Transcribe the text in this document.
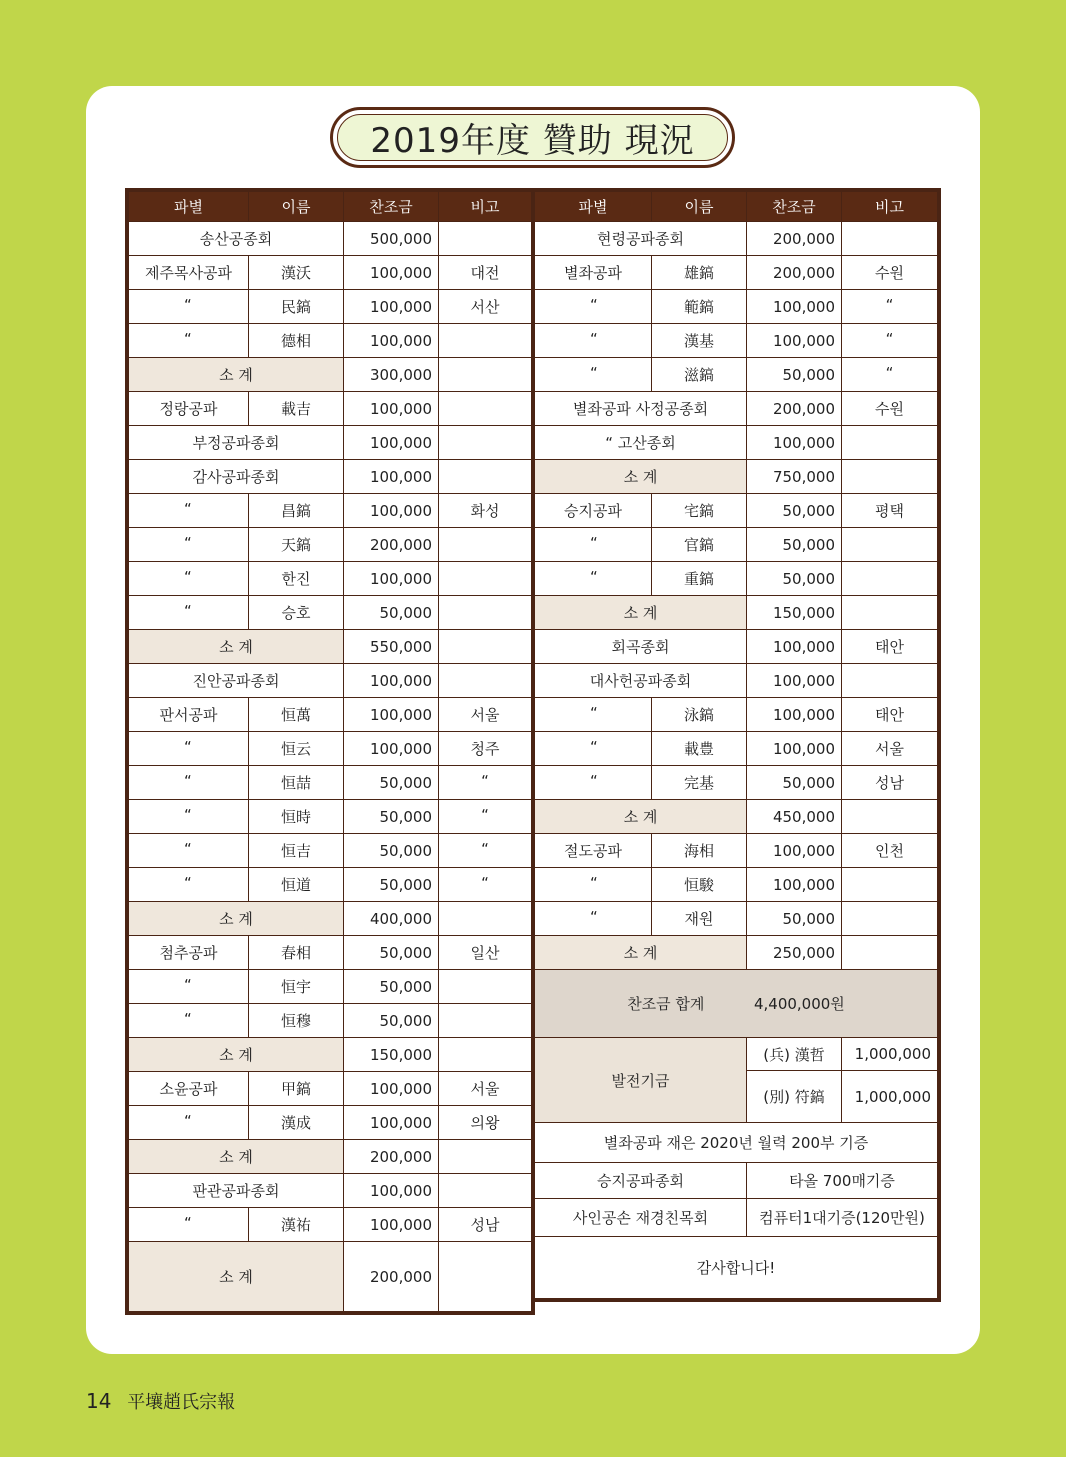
2019年度 贊助 現況
파별	이름	찬조금	비고
송산공종회		500,000	
제주목사공파	漢沃	100,000	대전
“	民鎬	100,000	서산
“	德相	100,000	
소 계		300,000	
정랑공파	載吉	100,000	
부정공파종회		100,000	
감사공파종회		100,000	
“	昌鎬	100,000	화성
“	天鎬	200,000	
“	한진	100,000	
“	승호	50,000	
소 계		550,000	
진안공파종회		100,000	
판서공파	恒萬	100,000	서울
“	恒云	100,000	청주
“	恒喆	50,000	“
“	恒時	50,000	“
“	恒吉	50,000	“
“	恒道	50,000	“
소 계		400,000	
첨추공파	春相	50,000	일산
“	恒宇	50,000	
“	恒穆	50,000	
소 계		150,000	
소윤공파	甲鎬	100,000	서울
“	漢成	100,000	의왕
소 계		200,000	
판관공파종회		100,000	
“	漢祐	100,000	성남
소 계		200,000	
파별	이름	찬조금	비고
현령공파종회		200,000	
별좌공파	雄鎬	200,000	수원
“	範鎬	100,000	“
“	漢基	100,000	“
“	滋鎬	50,000	“
별좌공파 사정공종회		200,000	수원
“ 고산종회		100,000	
소 계		750,000	
승지공파	宅鎬	50,000	평택
“	官鎬	50,000	
“	重鎬	50,000	
소 계		150,000	
회곡종회		100,000	태안
대사헌공파종회		100,000	
“	泳鎬	100,000	태안
“	載豊	100,000	서울
“	完基	50,000	성남
소 계		450,000	
절도공파	海相	100,000	인천
“	恒駿	100,000	
“	재원	50,000	
소 계		250,000	
찬조금 합계 4,400,000원			
발전기금		(兵) 漢哲	1,000,000
		(別) 符鎬	1,000,000
별좌공파 재은 2020년 월력 200부 기증			
승지공파종회		타올 700매기증	
사인공손 재경친목회		컴퓨터1대기증(120만원)	
감사합니다!			
14 平壤趙氏宗報
